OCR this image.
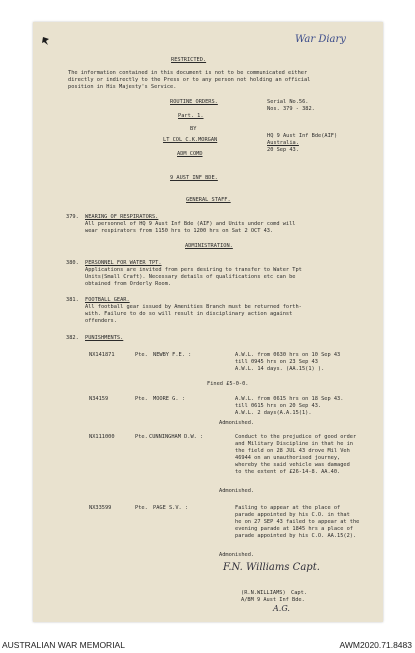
War Diary
RESTRICTED.
The information contained in this document is not to be communicated either
directly or indirectly to the Press or to any person not holding an official
position in His Majesty's Service.
ROUTINE ORDERS.
Part. 1.
BY
LT COL C.K.MORGAN
ADM COMD
9 AUST INF BDE.
Serial No.56.
Nos. 379 - 382.
HQ 9 Aust Inf Bde(AIF)
Australia.
20 Sep 43.
GENERAL STAFF.
379. WEARING OF RESPIRATORS.
All personnel of HQ 9 Aust Inf Bde (AIF) and Units under comd will
wear respirators from 1150 hrs to 1200 hrs on Sat 2 OCT 43.
ADMINISTRATION.
380. PERSONNEL FOR WATER TPT.
Applications are invited from pers desiring to transfer to Water Tpt
Units(Small Craft). Necessary details of qualifications etc can be
obtained from Orderly Room.
381. FOOTBALL GEAR.
All football gear issued by Amenities Branch must be returned forth-
with. Failure to do so will result in disciplinary action against
offenders.
382. PUNISHMENTS.
NX141871	Pte. NEWBY F.E. :	A.W.L. from 0630 hrs on 10 Sep 43
till 0945 hrs on 23 Sep 43
A.W.L. 14 days. (AA.15(1) ).
Fined £5-0-0.
N34159	Pte. MOORE G. :	A.W.L. from 0615 hrs on 18 Sep 43.
till 0615 hrs on 20 Sep 43.
A.W.L. 2 days(A.A.15(1).
Admonished.
NX111000	Pte. CUNNINGHAM D.W. :	Conduct to the prejudice of good order
and Military Discipline in that he in
the field on 28 JUL 43 drove Mil Veh
46944 on an unauthorised journey,
whereby the said vehicle was damaged
to the extent of £26-14-8. AA.40.
Admonished.
NX33599	Pte. PAGE S.V. :	Failing to appear at the place of
parade appointed by his C.O. in that
he on 27 SEP 43 failed to appear at the
evening parade at 1845 hrs a place of
parade appointed by his C.O. AA.15(2).
Admonished.
F.N. Williams Capt.
(R.N.WILLIAMS) Capt.
A/BM 9 Aust Inf Bde.
A.G.
AUSTRALIAN WAR MEMORIAL	AWM2020.71.8483
